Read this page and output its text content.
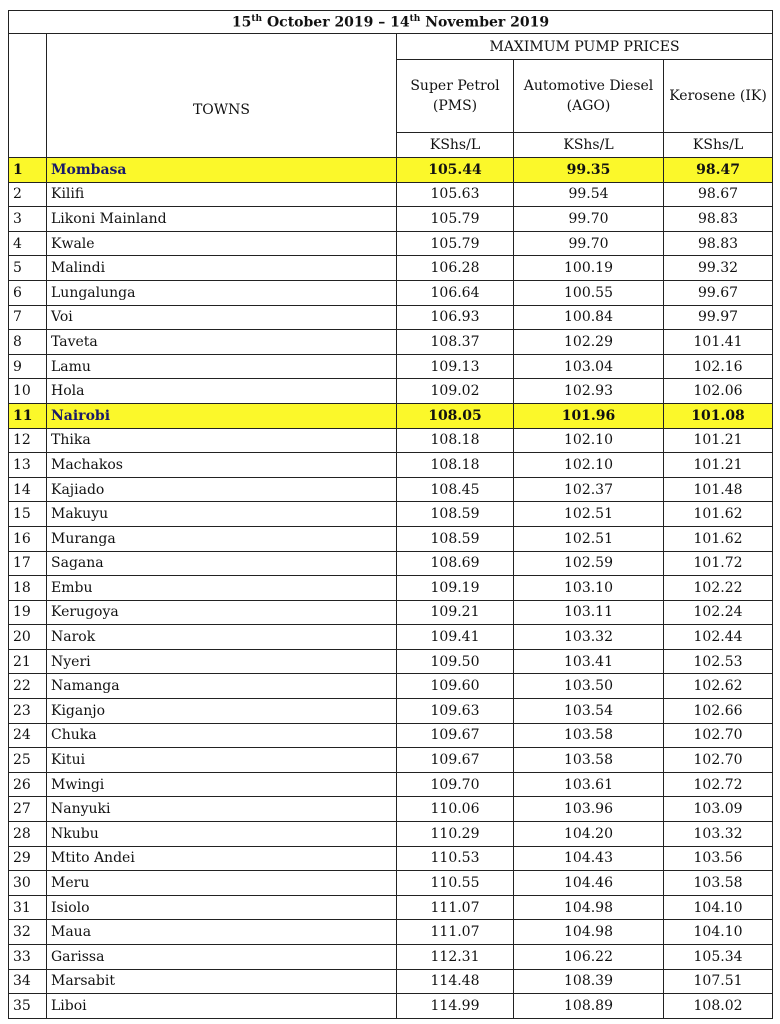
15th October 2019 – 14th November 2019				
	TOWNS	MAXIMUM PUMP PRICES		
		Super Petrol (PMS)	Automotive Diesel (AGO)	Kerosene (IK)
		KShs/L	KShs/L	KShs/L
1	Mombasa	105.44	99.35	98.47
2	Kilifi	105.63	99.54	98.67
3	Likoni Mainland	105.79	99.70	98.83
4	Kwale	105.79	99.70	98.83
5	Malindi	106.28	100.19	99.32
6	Lungalunga	106.64	100.55	99.67
7	Voi	106.93	100.84	99.97
8	Taveta	108.37	102.29	101.41
9	Lamu	109.13	103.04	102.16
10	Hola	109.02	102.93	102.06
11	Nairobi	108.05	101.96	101.08
12	Thika	108.18	102.10	101.21
13	Machakos	108.18	102.10	101.21
14	Kajiado	108.45	102.37	101.48
15	Makuyu	108.59	102.51	101.62
16	Muranga	108.59	102.51	101.62
17	Sagana	108.69	102.59	101.72
18	Embu	109.19	103.10	102.22
19	Kerugoya	109.21	103.11	102.24
20	Narok	109.41	103.32	102.44
21	Nyeri	109.50	103.41	102.53
22	Namanga	109.60	103.50	102.62
23	Kiganjo	109.63	103.54	102.66
24	Chuka	109.67	103.58	102.70
25	Kitui	109.67	103.58	102.70
26	Mwingi	109.70	103.61	102.72
27	Nanyuki	110.06	103.96	103.09
28	Nkubu	110.29	104.20	103.32
29	Mtito Andei	110.53	104.43	103.56
30	Meru	110.55	104.46	103.58
31	Isiolo	111.07	104.98	104.10
32	Maua	111.07	104.98	104.10
33	Garissa	112.31	106.22	105.34
34	Marsabit	114.48	108.39	107.51
35	Liboi	114.99	108.89	108.02
